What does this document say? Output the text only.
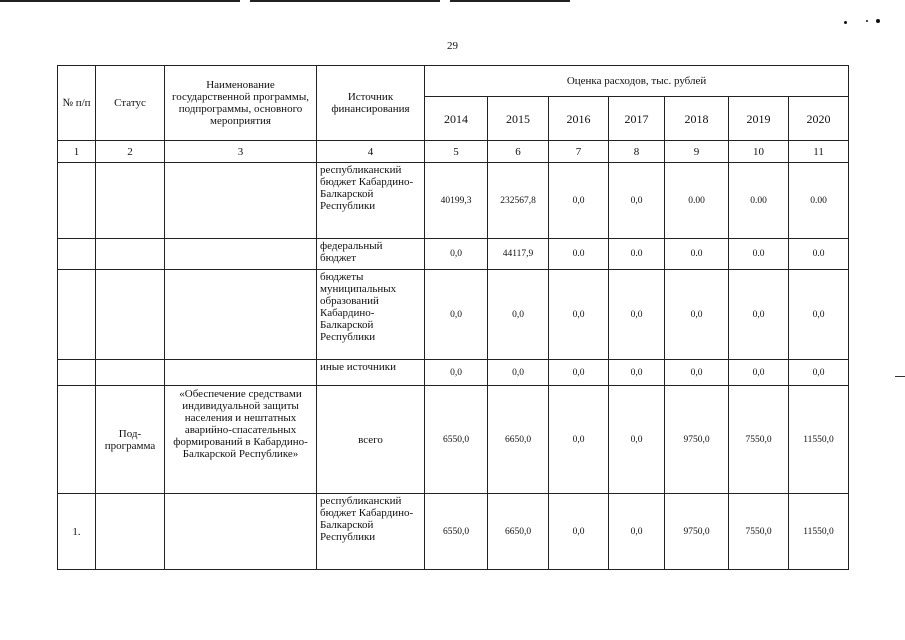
29
№ п/п	Статус	Наименование государственной программы, подпрограммы, основного мероприятия	Источник финансирования	Оценка расходов, тыс. рублей						
				2014	2015	2016	2017	2018	2019	2020
1	2	3	4	5	6	7	8	9	10	11
			республиканский бюджет Кабардино-Балкарской Республики	40199,3	232567,8	0,0	0,0	0.00	0.00	0.00
			федеральный бюджет	0,0	44117,9	0.0	0.0	0.0	0.0	0.0
			бюджеты муниципальных образований Кабардино-Балкарской Республики	0,0	0,0	0,0	0,0	0,0	0,0	0,0
			иные источники	0,0	0,0	0,0	0,0	0,0	0,0	0,0
	Под-программа	«Обеспечение средствами индивидуальной защиты населения и нештатных аварийно-спасательных формирований в Кабардино-Балкарской Республике»	всего	6550,0	6650,0	0,0	0,0	9750,0	7550,0	11550,0
1.			республиканский бюджет Кабардино-Балкарской Республики	6550,0	6650,0	0,0	0,0	9750,0	7550,0	11550,0
